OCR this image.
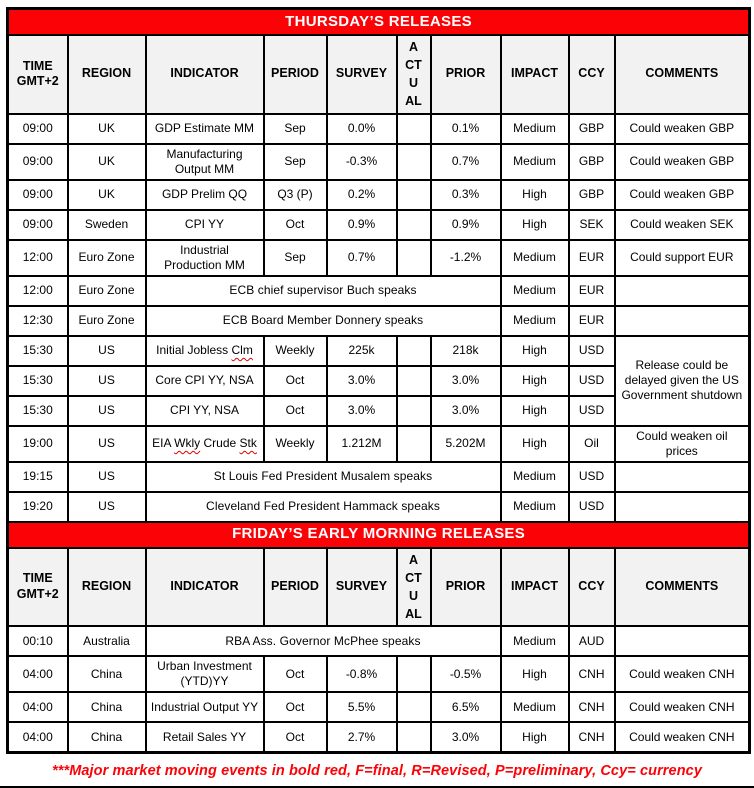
THURSDAY’S RELEASES									
TIME GMT+2	REGION	INDICATOR	PERIOD	SURVEY	ACTUAL	PRIOR	IMPACT	CCY	COMMENTS
09:00	UK	GDP Estimate MM	Sep	0.0%		0.1%	Medium	GBP	Could weaken GBP
09:00	UK	Manufacturing Output MM	Sep	-0.3%		0.7%	Medium	GBP	Could weaken GBP
09:00	UK	GDP Prelim QQ	Q3 (P)	0.2%		0.3%	High	GBP	Could weaken GBP
09:00	Sweden	CPI YY	Oct	0.9%		0.9%	High	SEK	Could weaken SEK
12:00	Euro Zone	Industrial Production MM	Sep	0.7%		-1.2%	Medium	EUR	Could support EUR
12:00	Euro Zone	ECB chief supervisor Buch speaks					Medium	EUR	
12:30	Euro Zone	ECB Board Member Donnery speaks					Medium	EUR	
15:30	US	Initial Jobless Clm	Weekly	225k		218k	High	USD	Release could be delayed given the US Government shutdown
15:30	US	Core CPI YY, NSA	Oct	3.0%		3.0%	High	USD	
15:30	US	CPI YY, NSA	Oct	3.0%		3.0%	High	USD	
19:00	US	EIA Wkly Crude Stk	Weekly	1.212M		5.202M	High	Oil	Could weaken oil prices
19:15	US	St Louis Fed President Musalem speaks					Medium	USD	
19:20	US	Cleveland Fed President Hammack speaks					Medium	USD	
FRIDAY’S EARLY MORNING RELEASES									
TIME GMT+2	REGION	INDICATOR	PERIOD	SURVEY	ACTUAL	PRIOR	IMPACT	CCY	COMMENTS
00:10	Australia	RBA Ass. Governor McPhee speaks					Medium	AUD	
04:00	China	Urban Investment (YTD)YY	Oct	-0.8%		-0.5%	High	CNH	Could weaken CNH
04:00	China	Industrial Output YY	Oct	5.5%		6.5%	Medium	CNH	Could weaken CNH
04:00	China	Retail Sales YY	Oct	2.7%		3.0%	High	CNH	Could weaken CNH
***Major market moving events in bold red, F=final, R=Revised, P=preliminary, Ccy= currency
